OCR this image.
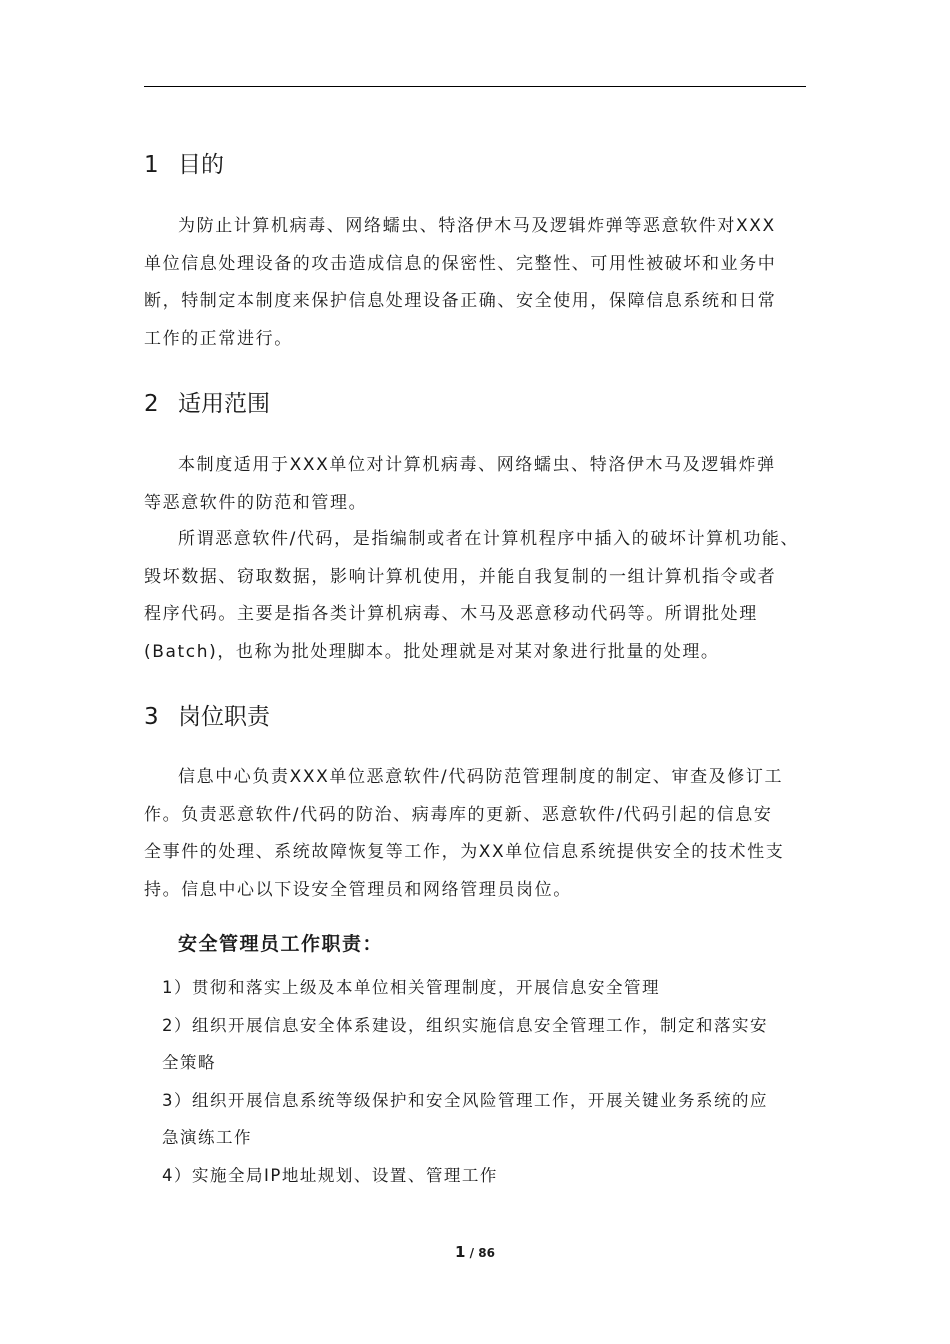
1 目的
为防止计算机病毒、网络蠕虫、特洛伊木马及逻辑炸弹等恶意软件对XXX
单位信息处理设备的攻击造成信息的保密性、完整性、可用性被破坏和业务中
断，特制定本制度来保护信息处理设备正确、安全使用，保障信息系统和日常
工作的正常进行。
2 适用范围
本制度适用于XXX单位对计算机病毒、网络蠕虫、特洛伊木马及逻辑炸弹
等恶意软件的防范和管理。
所谓恶意软件/代码，是指编制或者在计算机程序中插入的破坏计算机功能、
毁坏数据、窃取数据，影响计算机使用，并能自我复制的一组计算机指令或者
程序代码。主要是指各类计算机病毒、木马及恶意移动代码等。所谓批处理
(Batch)，也称为批处理脚本。批处理就是对某对象进行批量的处理。
3 岗位职责
信息中心负责XXX单位恶意软件/代码防范管理制度的制定、审查及修订工
作。负责恶意软件/代码的防治、病毒库的更新、恶意软件/代码引起的信息安
全事件的处理、系统故障恢复等工作，为XX单位信息系统提供安全的技术性支
持。信息中心以下设安全管理员和网络管理员岗位。
安全管理员工作职责：
1）贯彻和落实上级及本单位相关管理制度，开展信息安全管理
2）组织开展信息安全体系建设，组织实施信息安全管理工作，制定和落实安
全策略
3）组织开展信息系统等级保护和安全风险管理工作，开展关键业务系统的应
急演练工作
4）实施全局IP地址规划、设置、管理工作
1 / 86
